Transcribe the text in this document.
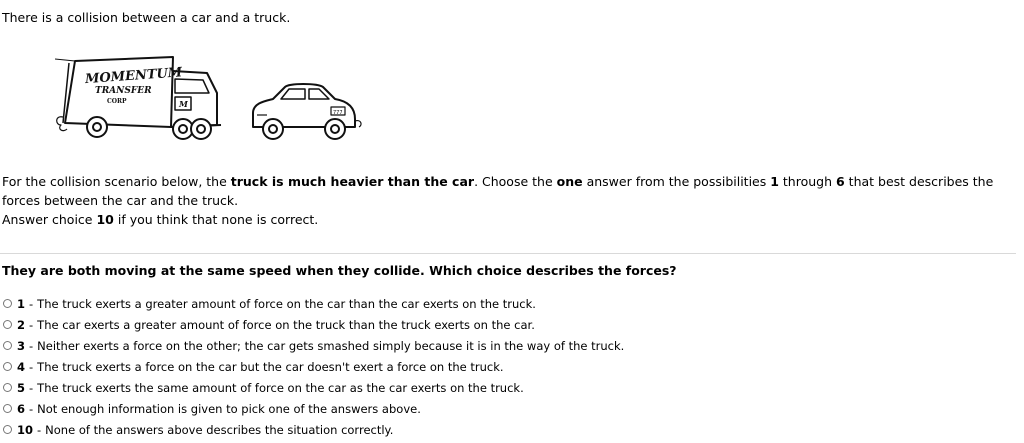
There is a collision between a car and a truck.

MOMENTUM
TRANSFER
CORP	M
777

For the collision scenario below, the truck is much heavier than the car. Choose the one answer from the possibilities 1 through 6 that best describes the forces between the car and the truck.
Answer choice 10 if you think that none is correct.

They are both moving at the same speed when they collide. Which choice describes the forces?

1 - The truck exerts a greater amount of force on the car than the car exerts on the truck.
2 - The car exerts a greater amount of force on the truck than the truck exerts on the car.
3 - Neither exerts a force on the other; the car gets smashed simply because it is in the way of the truck.
4 - The truck exerts a force on the car but the car doesn't exert a force on the truck.
5 - The truck exerts the same amount of force on the car as the car exerts on the truck.
6 - Not enough information is given to pick one of the answers above.
10 - None of the answers above describes the situation correctly.
